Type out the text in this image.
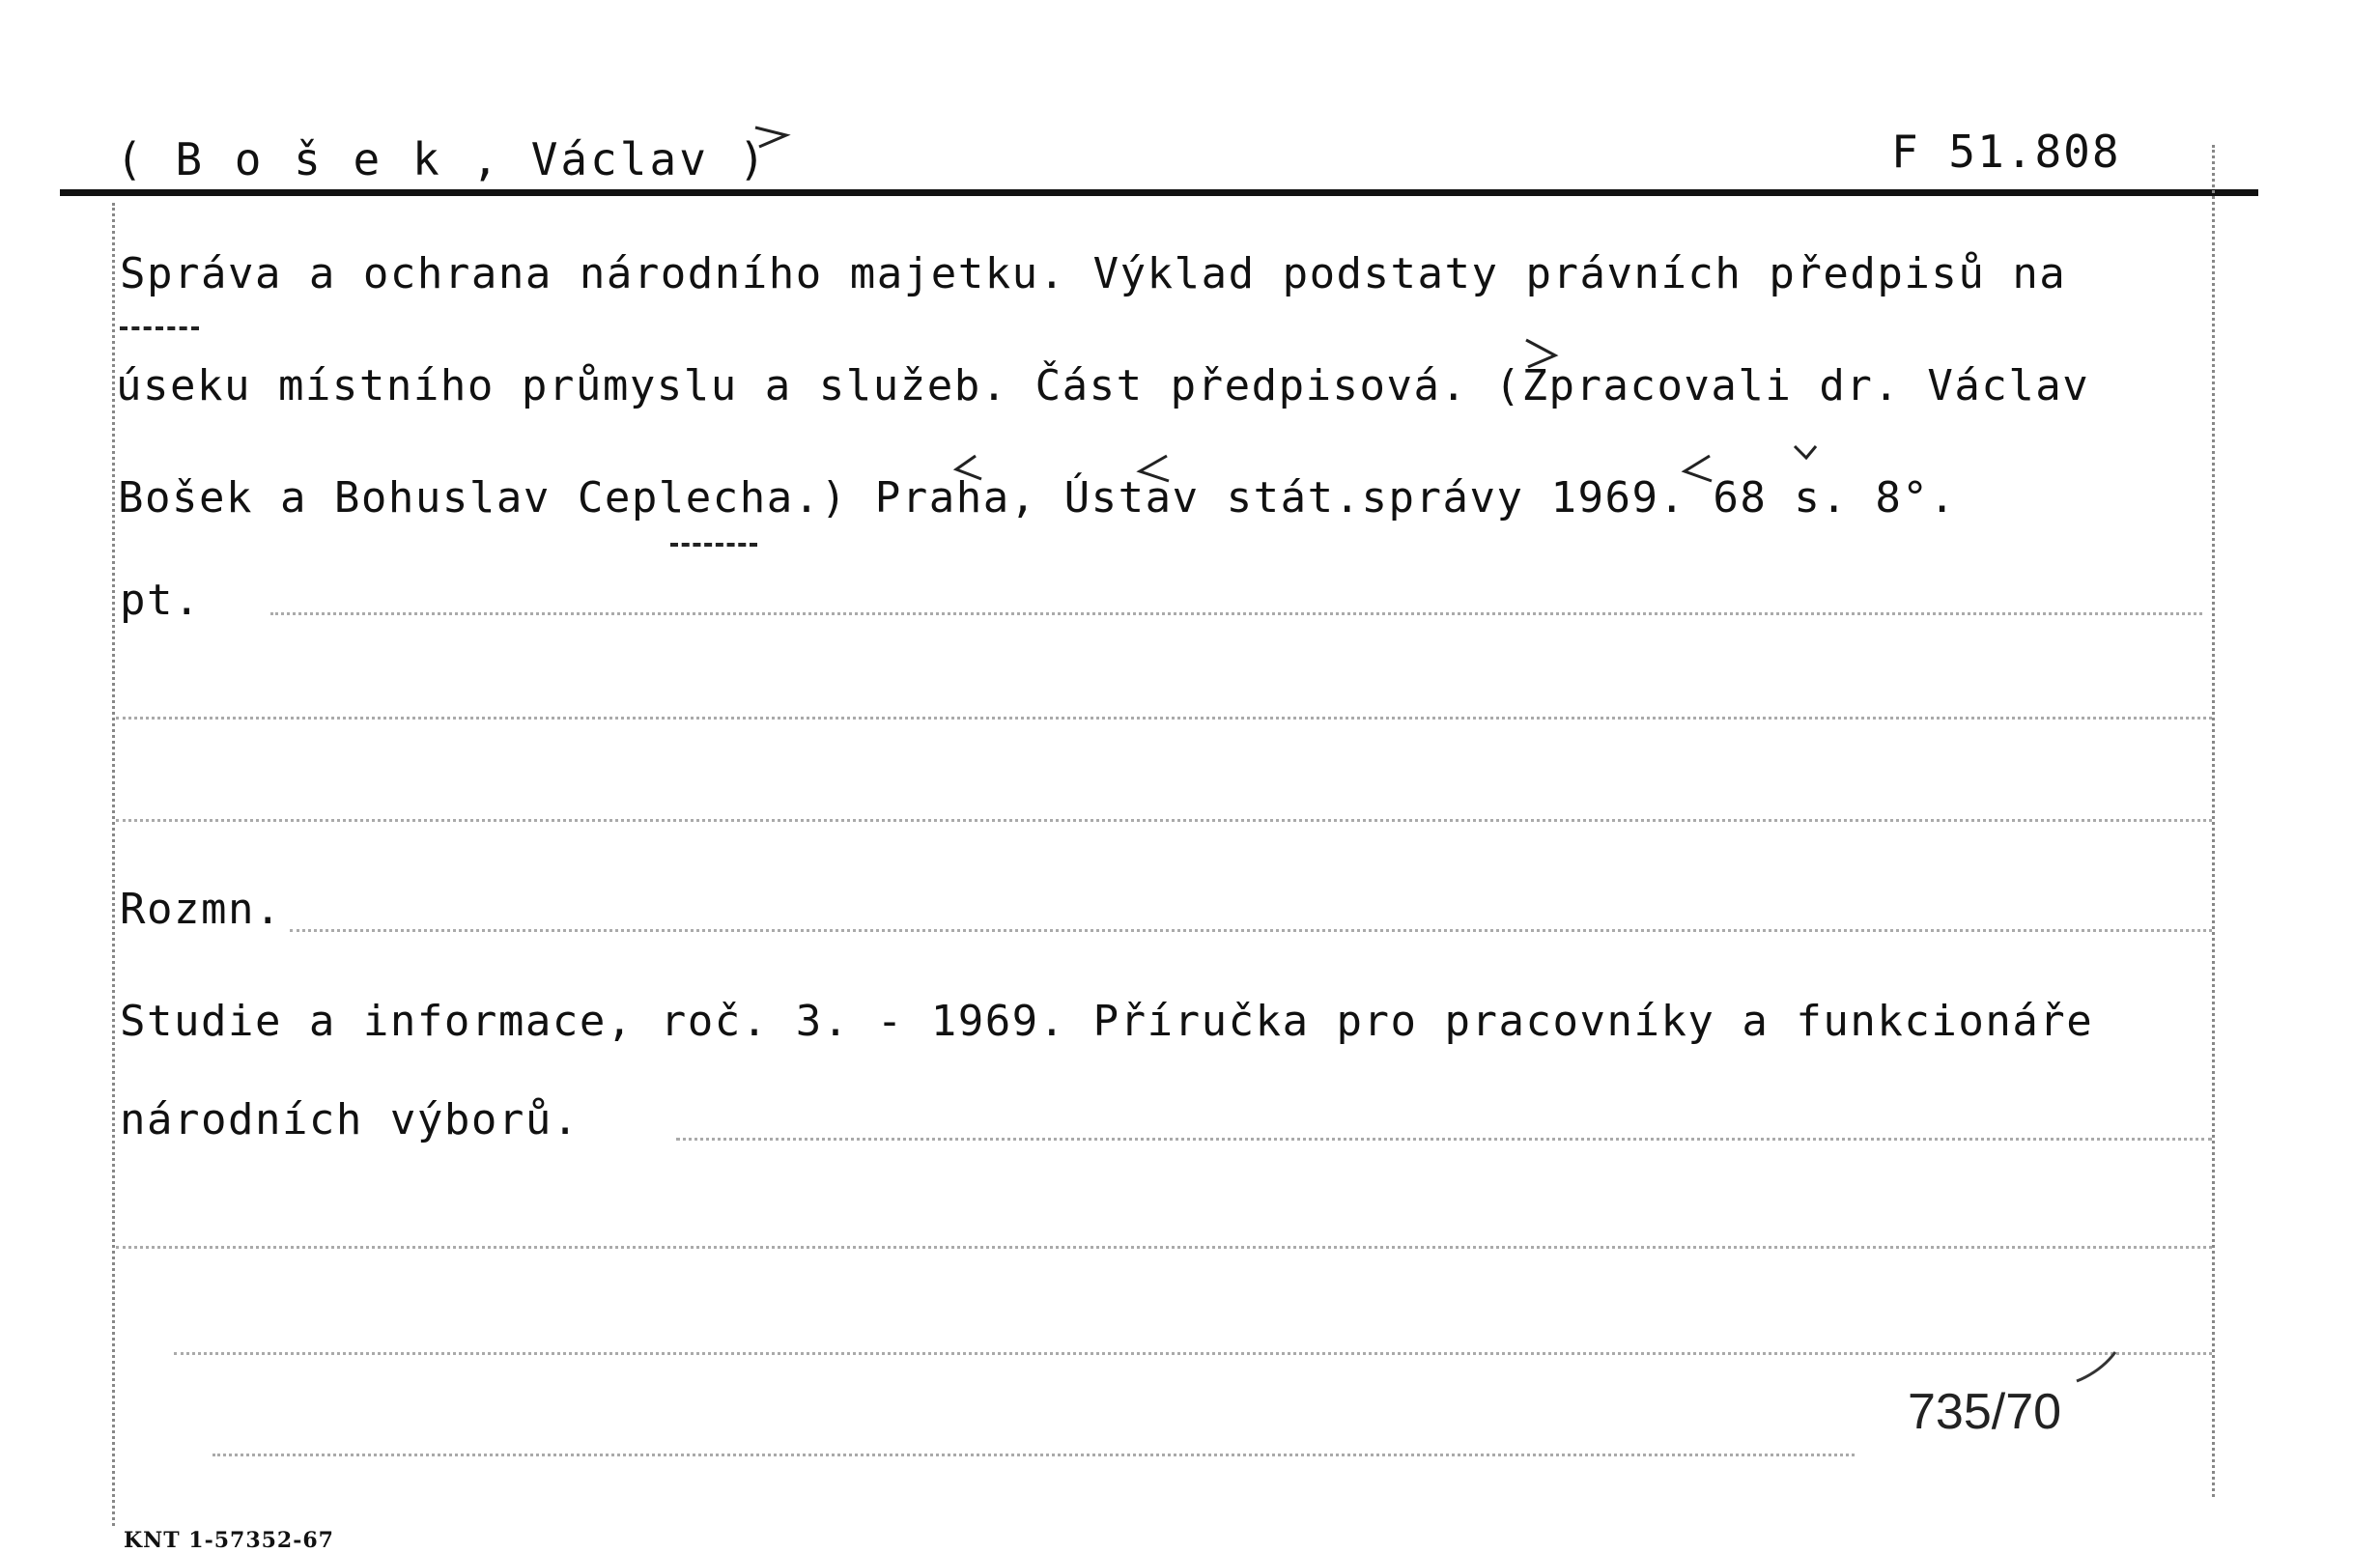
( B o š e k , Václav )	F 51.808
Správa a ochrana národního majetku. Výklad podstaty právních předpisů na
úseku místního průmyslu a služeb. Část předpisová. (Zpracovali dr. Václav
Bošek a Bohuslav Ceplecha.) Praha, Ústav stát.správy 1969. 68 s. 8°.
pt.
Rozmn.
Studie a informace, roč. 3. - 1969. Příručka pro pracovníky a funkcionáře
národních výborů.
735/70
KNT 1-57352-67
